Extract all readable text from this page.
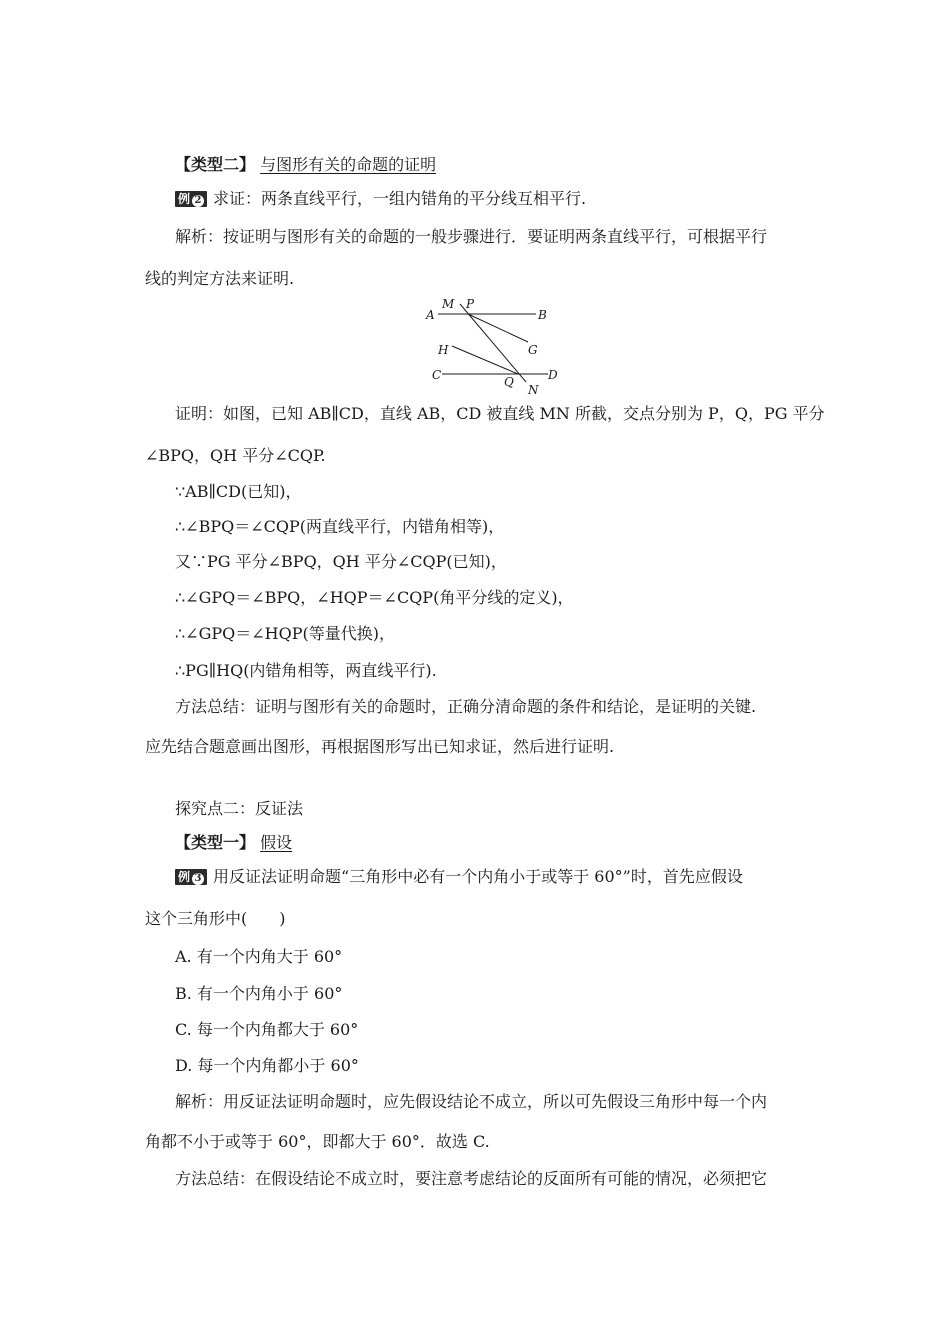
【类型二】 与图形有关的命题的证明
例 2 求证：两条直线平行，一组内错角的平分线互相平行.
解析：按证明与图形有关的命题的一般步骤进行．要证明两条直线平行，可根据平行
线的判定方法来证明.
M P
A	B
H	G
C	Q	D
N
证明：如图，已知 AB∥CD，直线 AB，CD 被直线 MN 所截，交点分别为 P，Q，PG 平分
∠BPQ，QH 平分∠CQP.
∵AB∥CD(已知)，
∴∠BPQ＝∠CQP(两直线平行，内错角相等)，
又∵PG 平分∠BPQ，QH 平分∠CQP(已知)，
∴∠GPQ＝∠BPQ，∠HQP＝∠CQP(角平分线的定义)，
∴∠GPQ＝∠HQP(等量代换)，
∴PG∥HQ(内错角相等，两直线平行).
方法总结：证明与图形有关的命题时，正确分清命题的条件和结论，是证明的关键.
应先结合题意画出图形，再根据图形写出已知求证，然后进行证明.
探究点二：反证法
【类型一】 假设
例 3 用反证法证明命题“三角形中必有一个内角小于或等于 60°”时，首先应假设
这个三角形中(　　)
A. 有一个内角大于 60°
B. 有一个内角小于 60°
C. 每一个内角都大于 60°
D. 每一个内角都小于 60°
解析：用反证法证明命题时，应先假设结论不成立，所以可先假设三角形中每一个内
角都不小于或等于 60°，即都大于 60°．故选 C.
方法总结：在假设结论不成立时，要注意考虑结论的反面所有可能的情况，必须把它
